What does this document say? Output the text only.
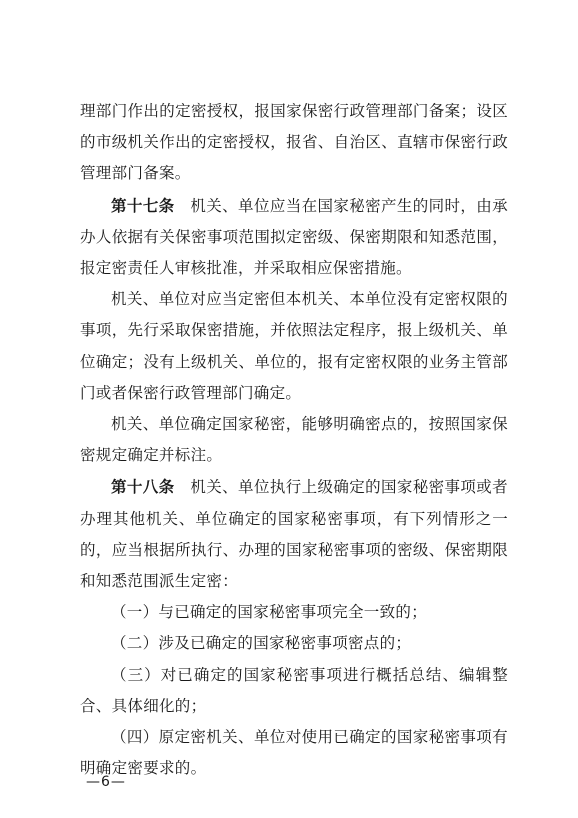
理部门作出的定密授权，报国家保密行政管理部门备案；设区的市级机关作出的定密授权，报省、自治区、直辖市保密行政管理部门备案。

第十七条　机关、单位应当在国家秘密产生的同时，由承办人依据有关保密事项范围拟定密级、保密期限和知悉范围，报定密责任人审核批准，并采取相应保密措施。

机关、单位对应当定密但本机关、本单位没有定密权限的事项，先行采取保密措施，并依照法定程序，报上级机关、单位确定；没有上级机关、单位的，报有定密权限的业务主管部门或者保密行政管理部门确定。

机关、单位确定国家秘密，能够明确密点的，按照国家保密规定确定并标注。

第十八条　机关、单位执行上级确定的国家秘密事项或者办理其他机关、单位确定的国家秘密事项，有下列情形之一的，应当根据所执行、办理的国家秘密事项的密级、保密期限和知悉范围派生定密：

（一）与已确定的国家秘密事项完全一致的；

（二）涉及已确定的国家秘密事项密点的；

（三）对已确定的国家秘密事项进行概括总结、编辑整合、具体细化的；

（四）原定密机关、单位对使用已确定的国家秘密事项有明确定密要求的。

—6—
